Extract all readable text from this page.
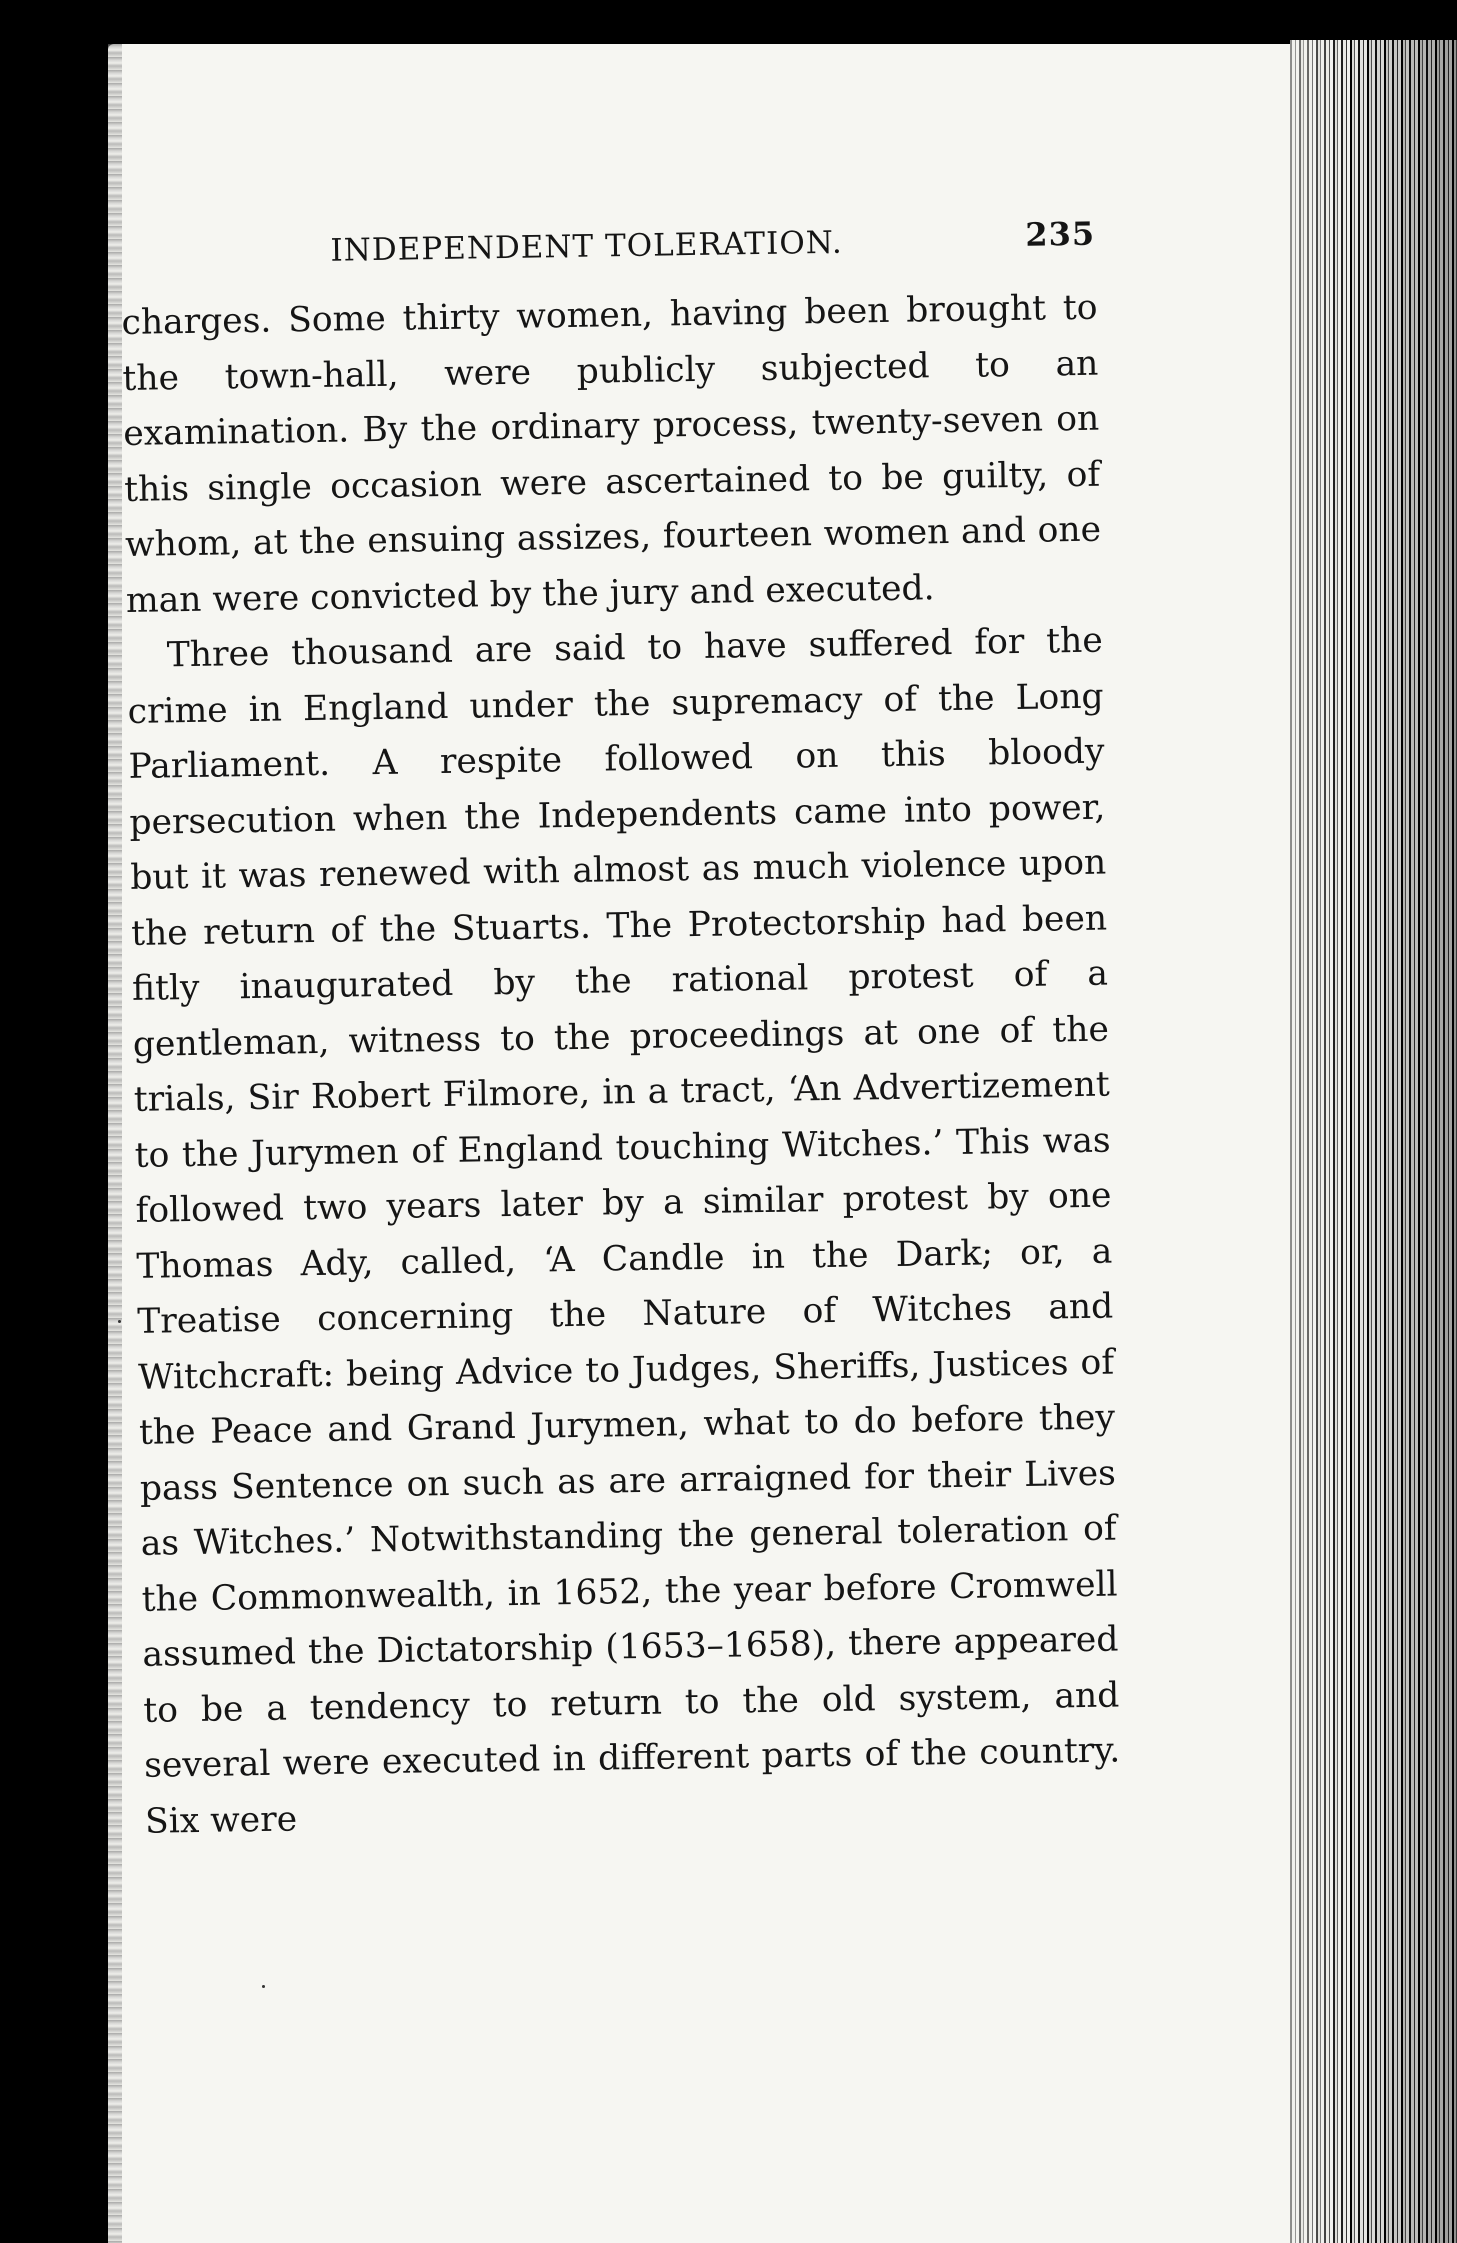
INDEPENDENT TOLERATION.	235

charges. Some thirty women, having been brought to the town-hall, were publicly subjected to an examination. By the ordinary process, twenty-seven on this single occasion were ascertained to be guilty, of whom, at the ensuing assizes, fourteen women and one man were convicted by the jury and executed.

Three thousand are said to have suffered for the crime in England under the supremacy of the Long Parliament. A respite followed on this bloody persecution when the Independents came into power, but it was renewed with almost as much violence upon the return of the Stuarts. The Protectorship had been fitly inaugurated by the rational protest of a gentleman, witness to the proceedings at one of the trials, Sir Robert Filmore, in a tract, ‘An Advertizement to the Jurymen of England touching Witches.’ This was followed two years later by a similar protest by one Thomas Ady, called, ‘A Candle in the Dark; or, a Treatise concerning the Nature of Witches and Witchcraft: being Advice to Judges, Sheriffs, Justices of the Peace and Grand Jurymen, what to do before they pass Sentence on such as are arraigned for their Lives as Witches.’ Notwithstanding the general toleration of the Commonwealth, in 1652, the year before Cromwell assumed the Dictatorship (1653–1658), there appeared to be a tendency to return to the old system, and several were executed in different parts of the country. Six were
